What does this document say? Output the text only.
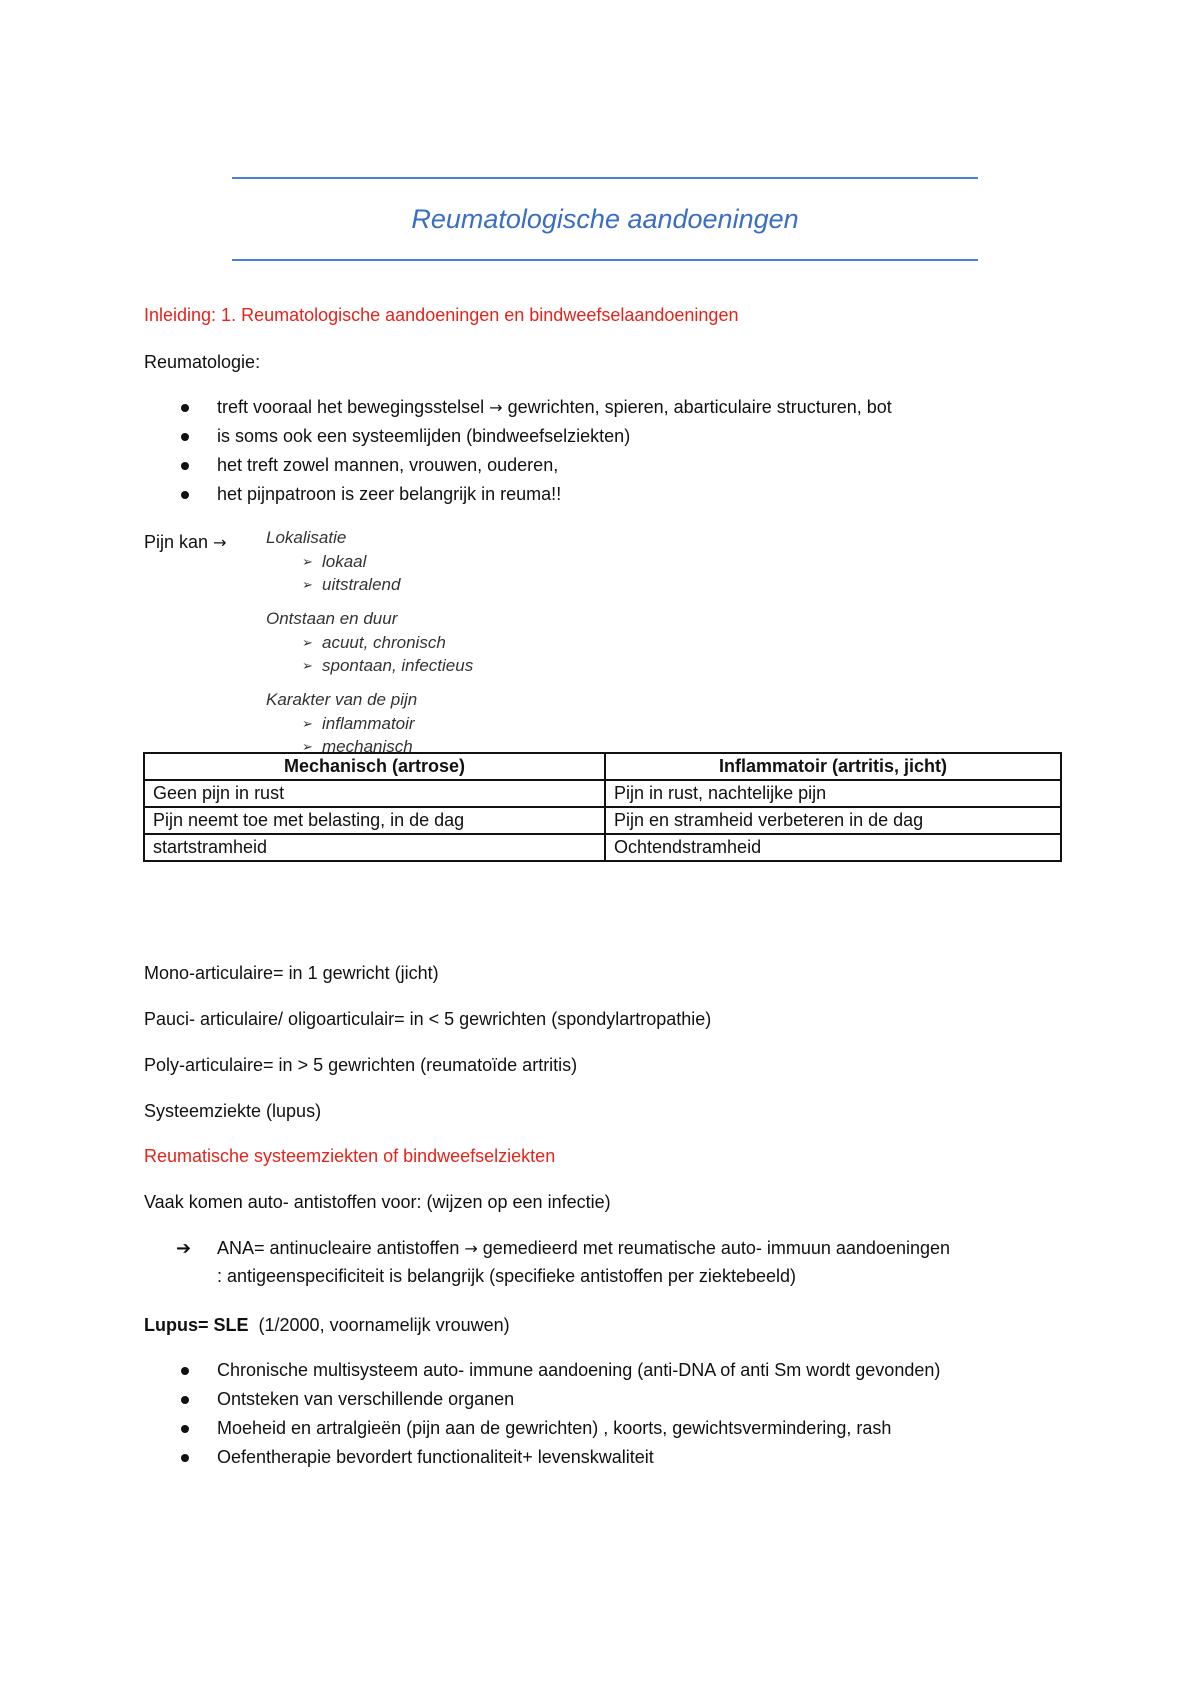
Reumatologische aandoeningen
Inleiding: 1. Reumatologische aandoeningen en bindweefselaandoeningen
Reumatologie:
treft vooraal het bewegingsstelsel → gewrichten, spieren, abarticulaire structuren, bot
is soms ook een systeemlijden (bindweefselziekten)
het treft zowel mannen, vrouwen, ouderen,
het pijnpatroon is zeer belangrijk in reuma!!
Pijn kan → Lokalisatie
➢ lokaal
➢ uitstralend
Ontstaan en duur
➢ acuut, chronisch
➢ spontaan, infectieus
Karakter van de pijn
➢ inflammatoir
➢ mechanisch
Mechanisch (artrose)	Inflammatoir (artritis, jicht)
Geen pijn in rust	Pijn in rust, nachtelijke pijn
Pijn neemt toe met belasting, in de dag	Pijn en stramheid verbeteren in de dag
startstramheid	Ochtendstramheid
Mono-articulaire= in 1 gewricht (jicht)
Pauci- articulaire/ oligoarticulair= in < 5 gewrichten (spondylartropathie)
Poly-articulaire= in > 5 gewrichten (reumatoïde artritis)
Systeemziekte (lupus)
Reumatische systeemziekten of bindweefselziekten
Vaak komen auto- antistoffen voor: (wijzen op een infectie)
➔ ANA= antinucleaire antistoffen → gemedieerd met reumatische auto- immuun aandoeningen
: antigeenspecificiteit is belangrijk (specifieke antistoffen per ziektebeeld)
Lupus= SLE  (1/2000, voornamelijk vrouwen)
Chronische multisysteem auto- immune aandoening (anti-DNA of anti Sm wordt gevonden)
Ontsteken van verschillende organen
Moeheid en artralgieën (pijn aan de gewrichten) , koorts, gewichtsvermindering, rash
Oefentherapie bevordert functionaliteit+ levenskwaliteit
